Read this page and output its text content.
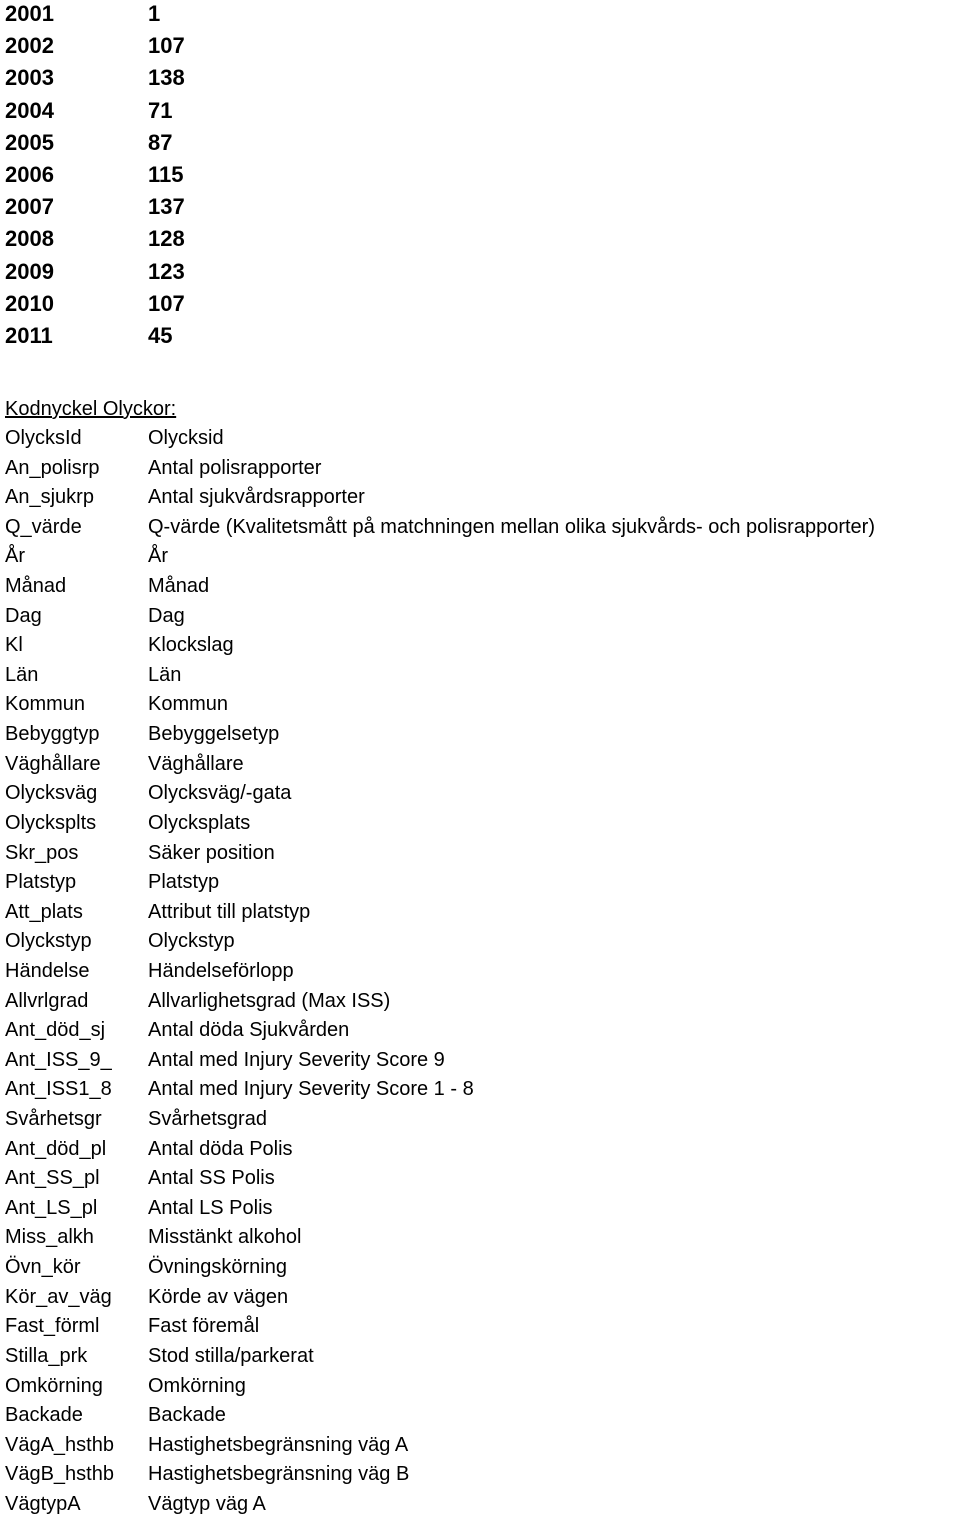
2001	1
2002	107
2003	138
2004	71
2005	87
2006	115
2007	137
2008	128
2009	123
2010	107
2011	45
Kodnyckel Olyckor:
OlycksId	Olycksid
An_polisrp Antal polisrapporter
An_sjukrp	Antal sjukvårdsrapporter
Q_värde	Q-värde (Kvalitetsmått på matchningen mellan olika sjukvårds- och polisrapporter)
År	År
Månad	Månad
Dag	Dag
Kl	Klockslag
Län	Län
Kommun	Kommun
Bebyggtyp Bebyggelsetyp
Väghållare Väghållare
Olycksväg	Olycksväg/-gata
Olycksplts	Olycksplats
Skr_pos	Säker position
Platstyp	Platstyp
Att_plats	Attribut till platstyp
Olyckstyp	Olyckstyp
Händelse	Händelseförlopp
Allvrlgrad	Allvarlighetsgrad (Max ISS)
Ant_död_sj Antal döda Sjukvården
Ant_ISS_9_ Antal med Injury Severity Score 9
Ant_ISS1_8 Antal med Injury Severity Score 1 - 8
Svårhetsgr Svårhetsgrad
Ant_död_pl Antal döda Polis
Ant_SS_pl Antal SS Polis
Ant_LS_pl	Antal LS Polis
Miss_alkh	Misstänkt alkohol
Övn_kör	Övningskörning
Kör_av_väg Körde av vägen
Fast_förml Fast föremål
Stilla_prk	Stod stilla/parkerat
Omkörning Omkörning
Backade	Backade
VägA_hsthb Hastighetsbegränsning väg A
VägB_hsthb Hastighetsbegränsning väg B
VägtypA	Vägtyp väg A
